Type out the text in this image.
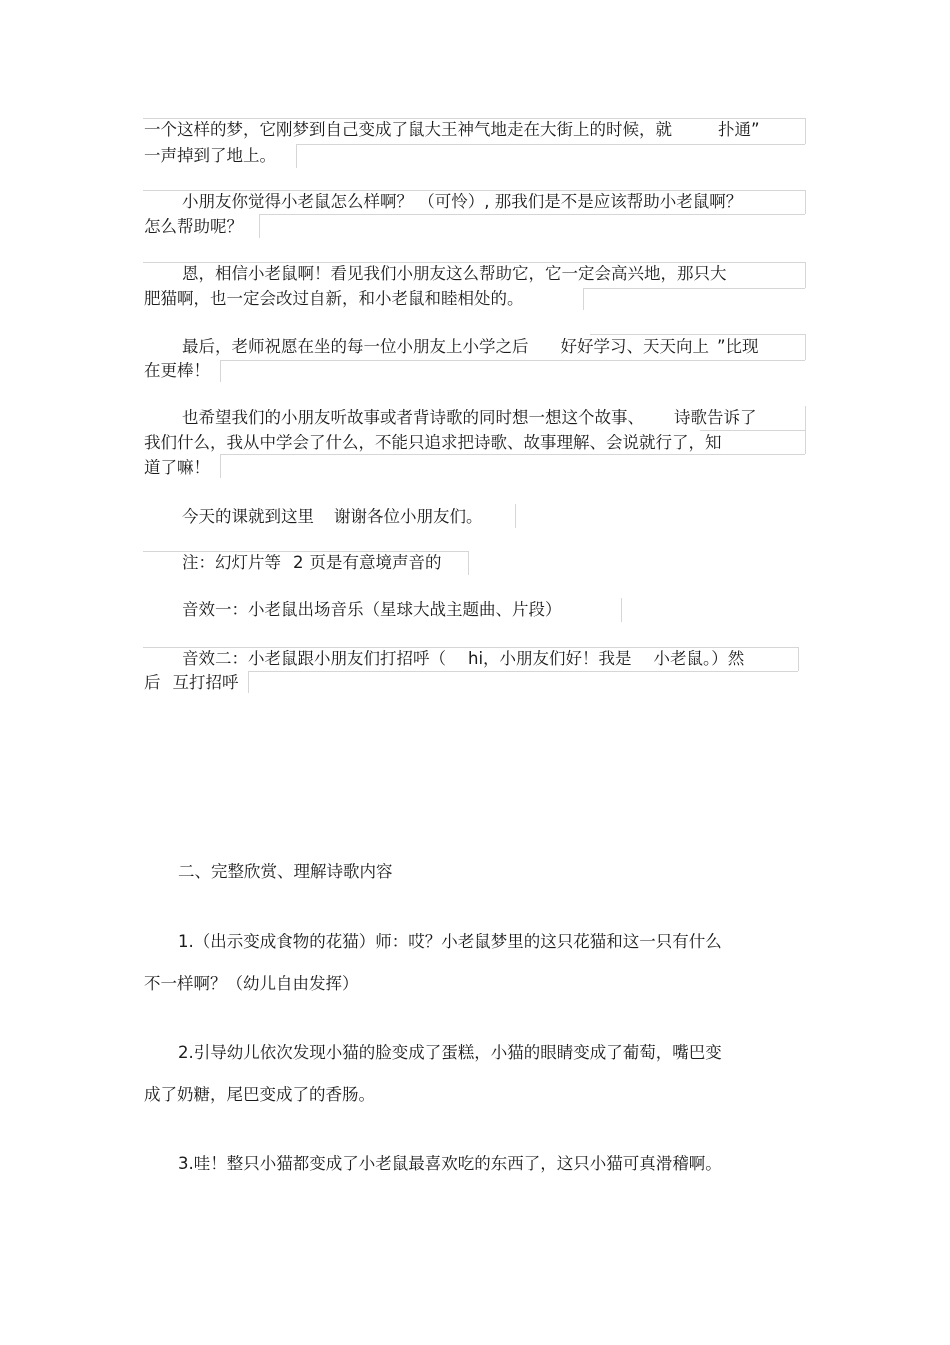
一个这样的梦，它刚梦到自己变成了鼠大王神气地走在大街上的时候，就	扑通”
一声掉到了地上。
小朋友你觉得小老鼠怎么样啊？ （可怜）, 那我们是不是应该帮助小老鼠啊？
怎么帮助呢？
恩，相信小老鼠啊！看见我们小朋友这么帮助它，它一定会高兴地，那只大
肥猫啊，也一定会改过自新，和小老鼠和睦相处的。
最后，老师祝愿在坐的每一位小朋友上小学之后 好好学习、天天向上 ”比现
在更棒！
也希望我们的小朋友听故事或者背诗歌的同时想一想这个故事、 诗歌告诉了
我们什么，我从中学会了什么，不能只追求把诗歌、故事理解、会说就行了，知
道了嘛！
今天的课就到这里 谢谢各位小朋友们。
注：幻灯片等 2 页是有意境声音的
音效一：小老鼠出场音乐（星球大战主题曲、片段）
音效二：小老鼠跟小朋友们打招呼（ hi，小朋友们好！我是 小老鼠。）然
后 互打招呼
二、完整欣赏、理解诗歌内容
1.（出示变成食物的花猫）师：哎？小老鼠梦里的这只花猫和这一只有什么
不一样啊？（幼儿自由发挥）
2.引导幼儿依次发现小猫的脸变成了蛋糕，小猫的眼睛变成了葡萄，嘴巴变
成了奶糖，尾巴变成了的香肠。
3.哇！整只小猫都变成了小老鼠最喜欢吃的东西了，这只小猫可真滑稽啊。
